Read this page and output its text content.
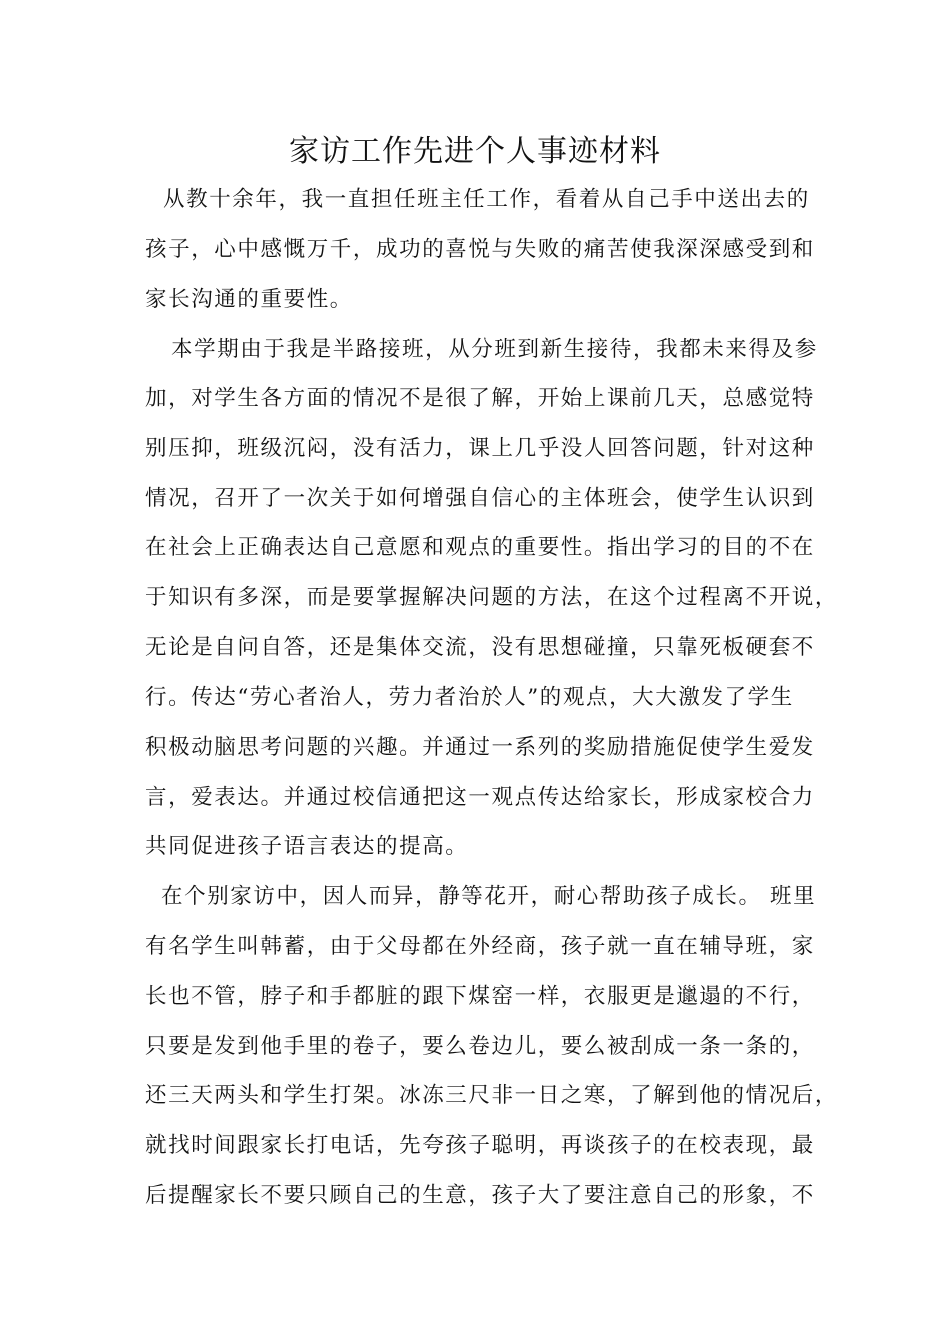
家访工作先进个人事迹材料
从教十余年，我一直担任班主任工作，看着从自己手中送出去的
孩子，心中感慨万千，成功的喜悦与失败的痛苦使我深深感受到和
家长沟通的重要性。
本学期由于我是半路接班，从分班到新生接待，我都未来得及参
加，对学生各方面的情况不是很了解，开始上课前几天，总感觉特
别压抑，班级沉闷，没有活力，课上几乎没人回答问题，针对这种
情况，召开了一次关于如何增强自信心的主体班会，使学生认识到
在社会上正确表达自己意愿和观点的重要性。指出学习的目的不在
于知识有多深，而是要掌握解决问题的方法，在这个过程离不开说，
无论是自问自答，还是集体交流，没有思想碰撞，只靠死板硬套不
行。传达“劳心者治人，劳力者治於人”的观点，大大激发了学生
积极动脑思考问题的兴趣。并通过一系列的奖励措施促使学生爱发
言，爱表达。并通过校信通把这一观点传达给家长，形成家校合力
共同促进孩子语言表达的提高。
在个别家访中，因人而异，静等花开，耐心帮助孩子成长。 班里
有名学生叫韩蓄，由于父母都在外经商，孩子就一直在辅导班，家
长也不管，脖子和手都脏的跟下煤窑一样，衣服更是邋遢的不行，
只要是发到他手里的卷子，要么卷边儿，要么被刮成一条一条的，
还三天两头和学生打架。冰冻三尺非一日之寒，了解到他的情况后，
就找时间跟家长打电话，先夸孩子聪明，再谈孩子的在校表现，最
后提醒家长不要只顾自己的生意，孩子大了要注意自己的形象，不
